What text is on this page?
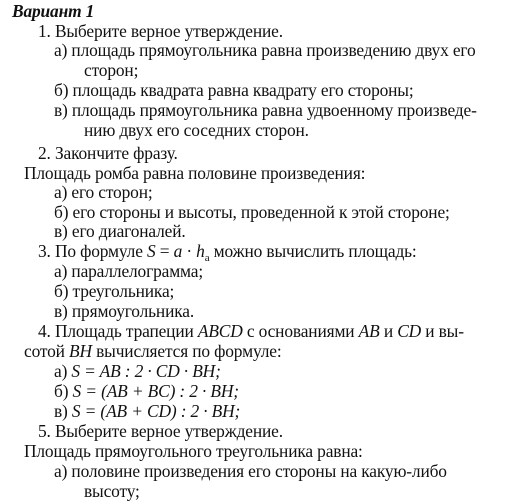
Вариант 1
1. Выберите верное утверждение.
а) площадь прямоугольника равна произведению двух его
сторон;
б) площадь квадрата равна квадрату его стороны;
в) площадь прямоугольника равна удвоенному произведе-
нию двух его соседних сторон.
2. Закончите фразу.
Площадь ромба равна половине произведения:
а) его сторон;
б) его стороны и высоты, проведенной к этой стороне;
в) его диагоналей.
3. По формуле $S = a \cdot h_a$ можно вычислить площадь:
а) параллелограмма;
б) треугольника;
в) прямоугольника.
4. Площадь трапеции ABCD с основаниями AB и CD и вы-
сотой BH вычисляется по формуле:
а) S = AB : 2 · CD · BH;
б) S = (AB + BC) : 2 · BH;
в) S = (AB + CD) : 2 · BH;
5. Выберите верное утверждение.
Площадь прямоугольного треугольника равна:
а) половине произведения его стороны на какую-либо
высоту;
